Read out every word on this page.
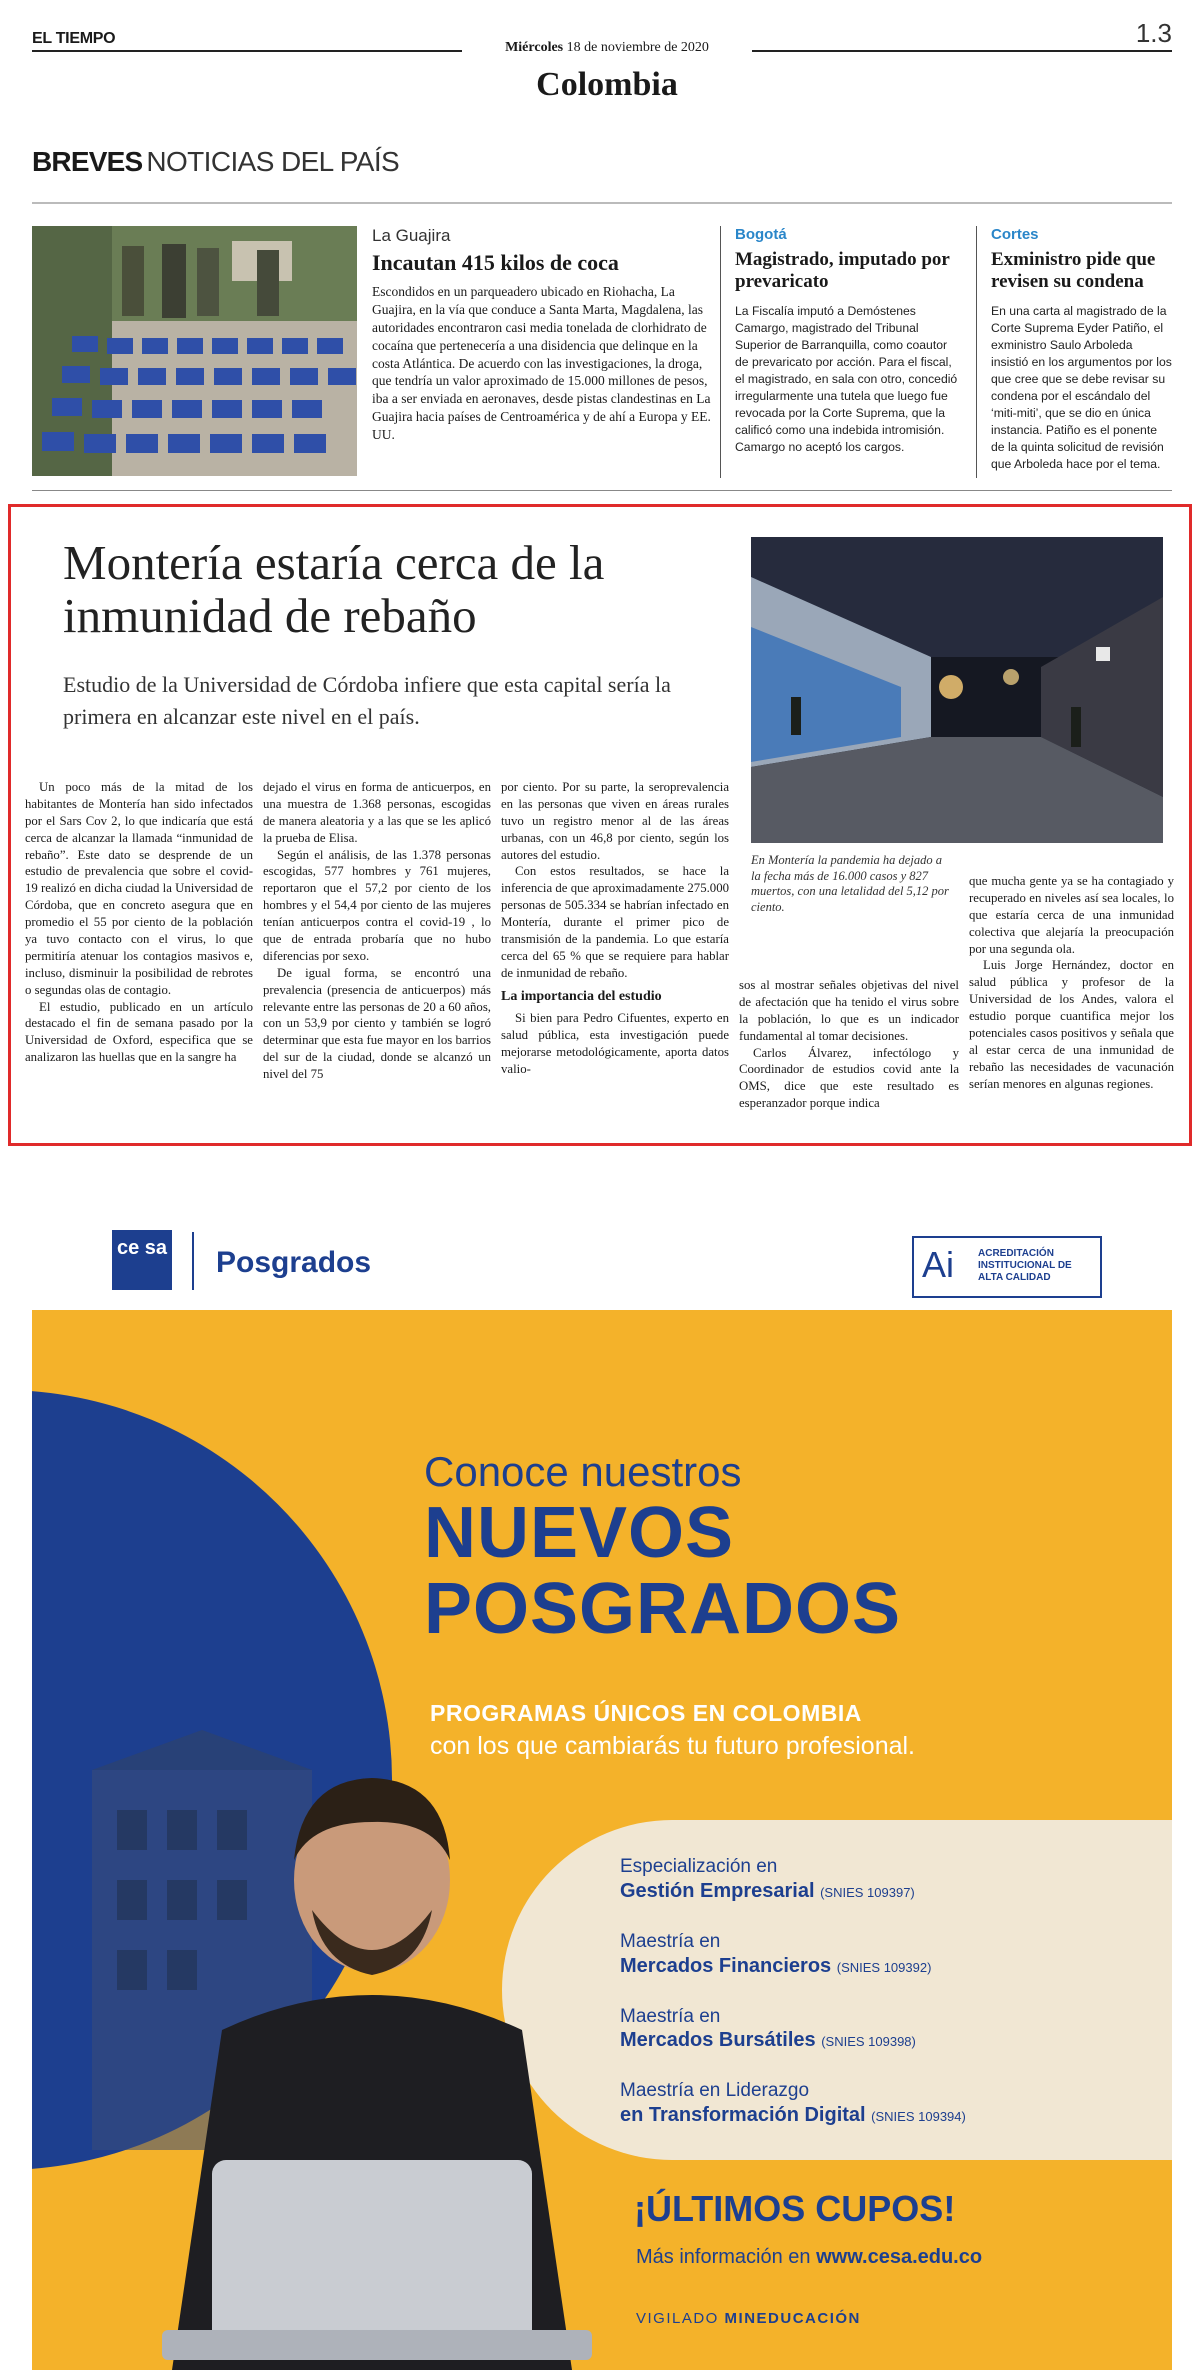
EL TIEMPO
Miércoles 18 de noviembre de 2020	1.3
Colombia
BREVES NOTICIAS DEL PAÍS
La Guajira
Incautan 415 kilos de coca
Escondidos en un parqueadero ubicado en Riohacha, La Guajira, en la vía que conduce a Santa Marta, Magdalena, las autoridades encontraron casi media tonelada de clorhidrato de cocaína que pertenecería a una disidencia que delinque en la costa Atlántica. De acuerdo con las investigaciones, la droga, que tendría un valor aproximado de 15.000 millones de pesos, iba a ser enviada en aeronaves, desde pistas clandestinas en La Guajira hacia países de Centroamérica y de ahí a Europa y EE. UU.
Bogotá
Magistrado, imputado por prevaricato
La Fiscalía imputó a Demóstenes Camargo, magistrado del Tribunal Superior de Barranquilla, como coautor de prevaricato por acción. Para el fiscal, el magistrado, en sala con otro, concedió irregularmente una tutela que luego fue revocada por la Corte Suprema, que la calificó como una indebida intromisión. Camargo no aceptó los cargos.
Cortes
Exministro pide que revisen su condena
En una carta al magistrado de la Corte Suprema Eyder Patiño, el exministro Saulo Arboleda insistió en los argumentos por los que cree que se debe revisar su condena por el escándalo del ‘miti-miti’, que se dio en única instancia. Patiño es el ponente de la quinta solicitud de revisión que Arboleda hace por el tema.
Montería estaría cerca de la inmunidad de rebaño

Estudio de la Universidad de Córdoba infiere que esta capital sería la primera en alcanzar este nivel en el país.

En Montería la pandemia ha dejado a la fecha más de 16.000 casos y 827 muertos, con una letalidad del 5,12 por ciento.

Un poco más de la mitad de los habitantes de Montería han sido infectados por el Sars Cov 2, lo que indicaría que está cerca de alcanzar la llamada “inmunidad de rebaño”. Este dato se desprende de un estudio de prevalencia que sobre el covid-19 realizó en dicha ciudad la Universidad de Córdoba, que en concreto asegura que en promedio el 55 por ciento de la población ya tuvo contacto con el virus, lo que permitiría atenuar los contagios masivos e, incluso, disminuir la posibilidad de rebrotes o segundas olas de contagio.

El estudio, publicado en un artículo destacado el fin de semana pasado por la Universidad de Oxford, especifica que se analizaron las huellas que en la sangre ha

dejado el virus en forma de anticuerpos, en una muestra de 1.368 personas, escogidas de manera aleatoria y a las que se les aplicó la prueba de Elisa.

Según el análisis, de las 1.378 personas escogidas, 577 hombres y 761 mujeres, reportaron que el 57,2 por ciento de los hombres y el 54,4 por ciento de las mujeres tenían anticuerpos contra el covid-19 , lo que de entrada probaría que no hubo diferencias por sexo.

De igual forma, se encontró una prevalencia (presencia de anticuerpos) más relevante entre las personas de 20 a 60 años, con un 53,9 por ciento y también se logró determinar que esta fue mayor en los barrios del sur de la ciudad, donde se alcanzó un nivel del 75

por ciento. Por su parte, la seroprevalencia en las personas que viven en áreas rurales tuvo un registro menor al de las áreas urbanas, con un 46,8 por ciento, según los autores del estudio.

Con estos resultados, se hace la inferencia de que aproximadamente 275.000 personas de 505.334 se habrían infectado en Montería, durante el primer pico de transmisión de la pandemia. Lo que estaría cerca del 65 % que se requiere para hablar de inmunidad de rebaño.

La importancia del estudio

Si bien para Pedro Cifuentes, experto en salud pública, esta investigación puede mejorarse metodológicamente, aporta datos valio-

sos al mostrar señales objetivas del nivel de afectación que ha tenido el virus sobre la población, lo que es un indicador fundamental al tomar decisiones.

Carlos Álvarez, infectólogo y Coordinador de estudios covid ante la OMS, dice que este resultado es esperanzador porque indica

que mucha gente ya se ha contagiado y recuperado en niveles así sea locales, lo que estaría cerca de una inmunidad colectiva que alejaría la preocupación por una segunda ola.

Luis Jorge Hernández, doctor en salud pública y profesor de la Universidad de los Andes, valora el estudio porque cuantifica mejor los potenciales casos positivos y señala que al estar cerca de una inmunidad de rebaño las necesidades de vacunación serían menores en algunas regiones.

ce sa Posgrados	Ai ACREDITACIÓN INSTITUCIONAL DE ALTA CALIDAD
Conoce nuestros
NUEVOS POSGRADOS
PROGRAMAS ÚNICOS EN COLOMBIA
con los que cambiarás tu futuro profesional.
Especialización en
Gestión Empresarial (SNIES 109397)
Maestría en
Mercados Financieros (SNIES 109392)
Maestría en
Mercados Bursátiles (SNIES 109398)
Maestría en Liderazgo
en Transformación Digital (SNIES 109394)
¡ÚLTIMOS CUPOS!
Más información en www.cesa.edu.co
VIGILADO MINEDUCACIÓN
